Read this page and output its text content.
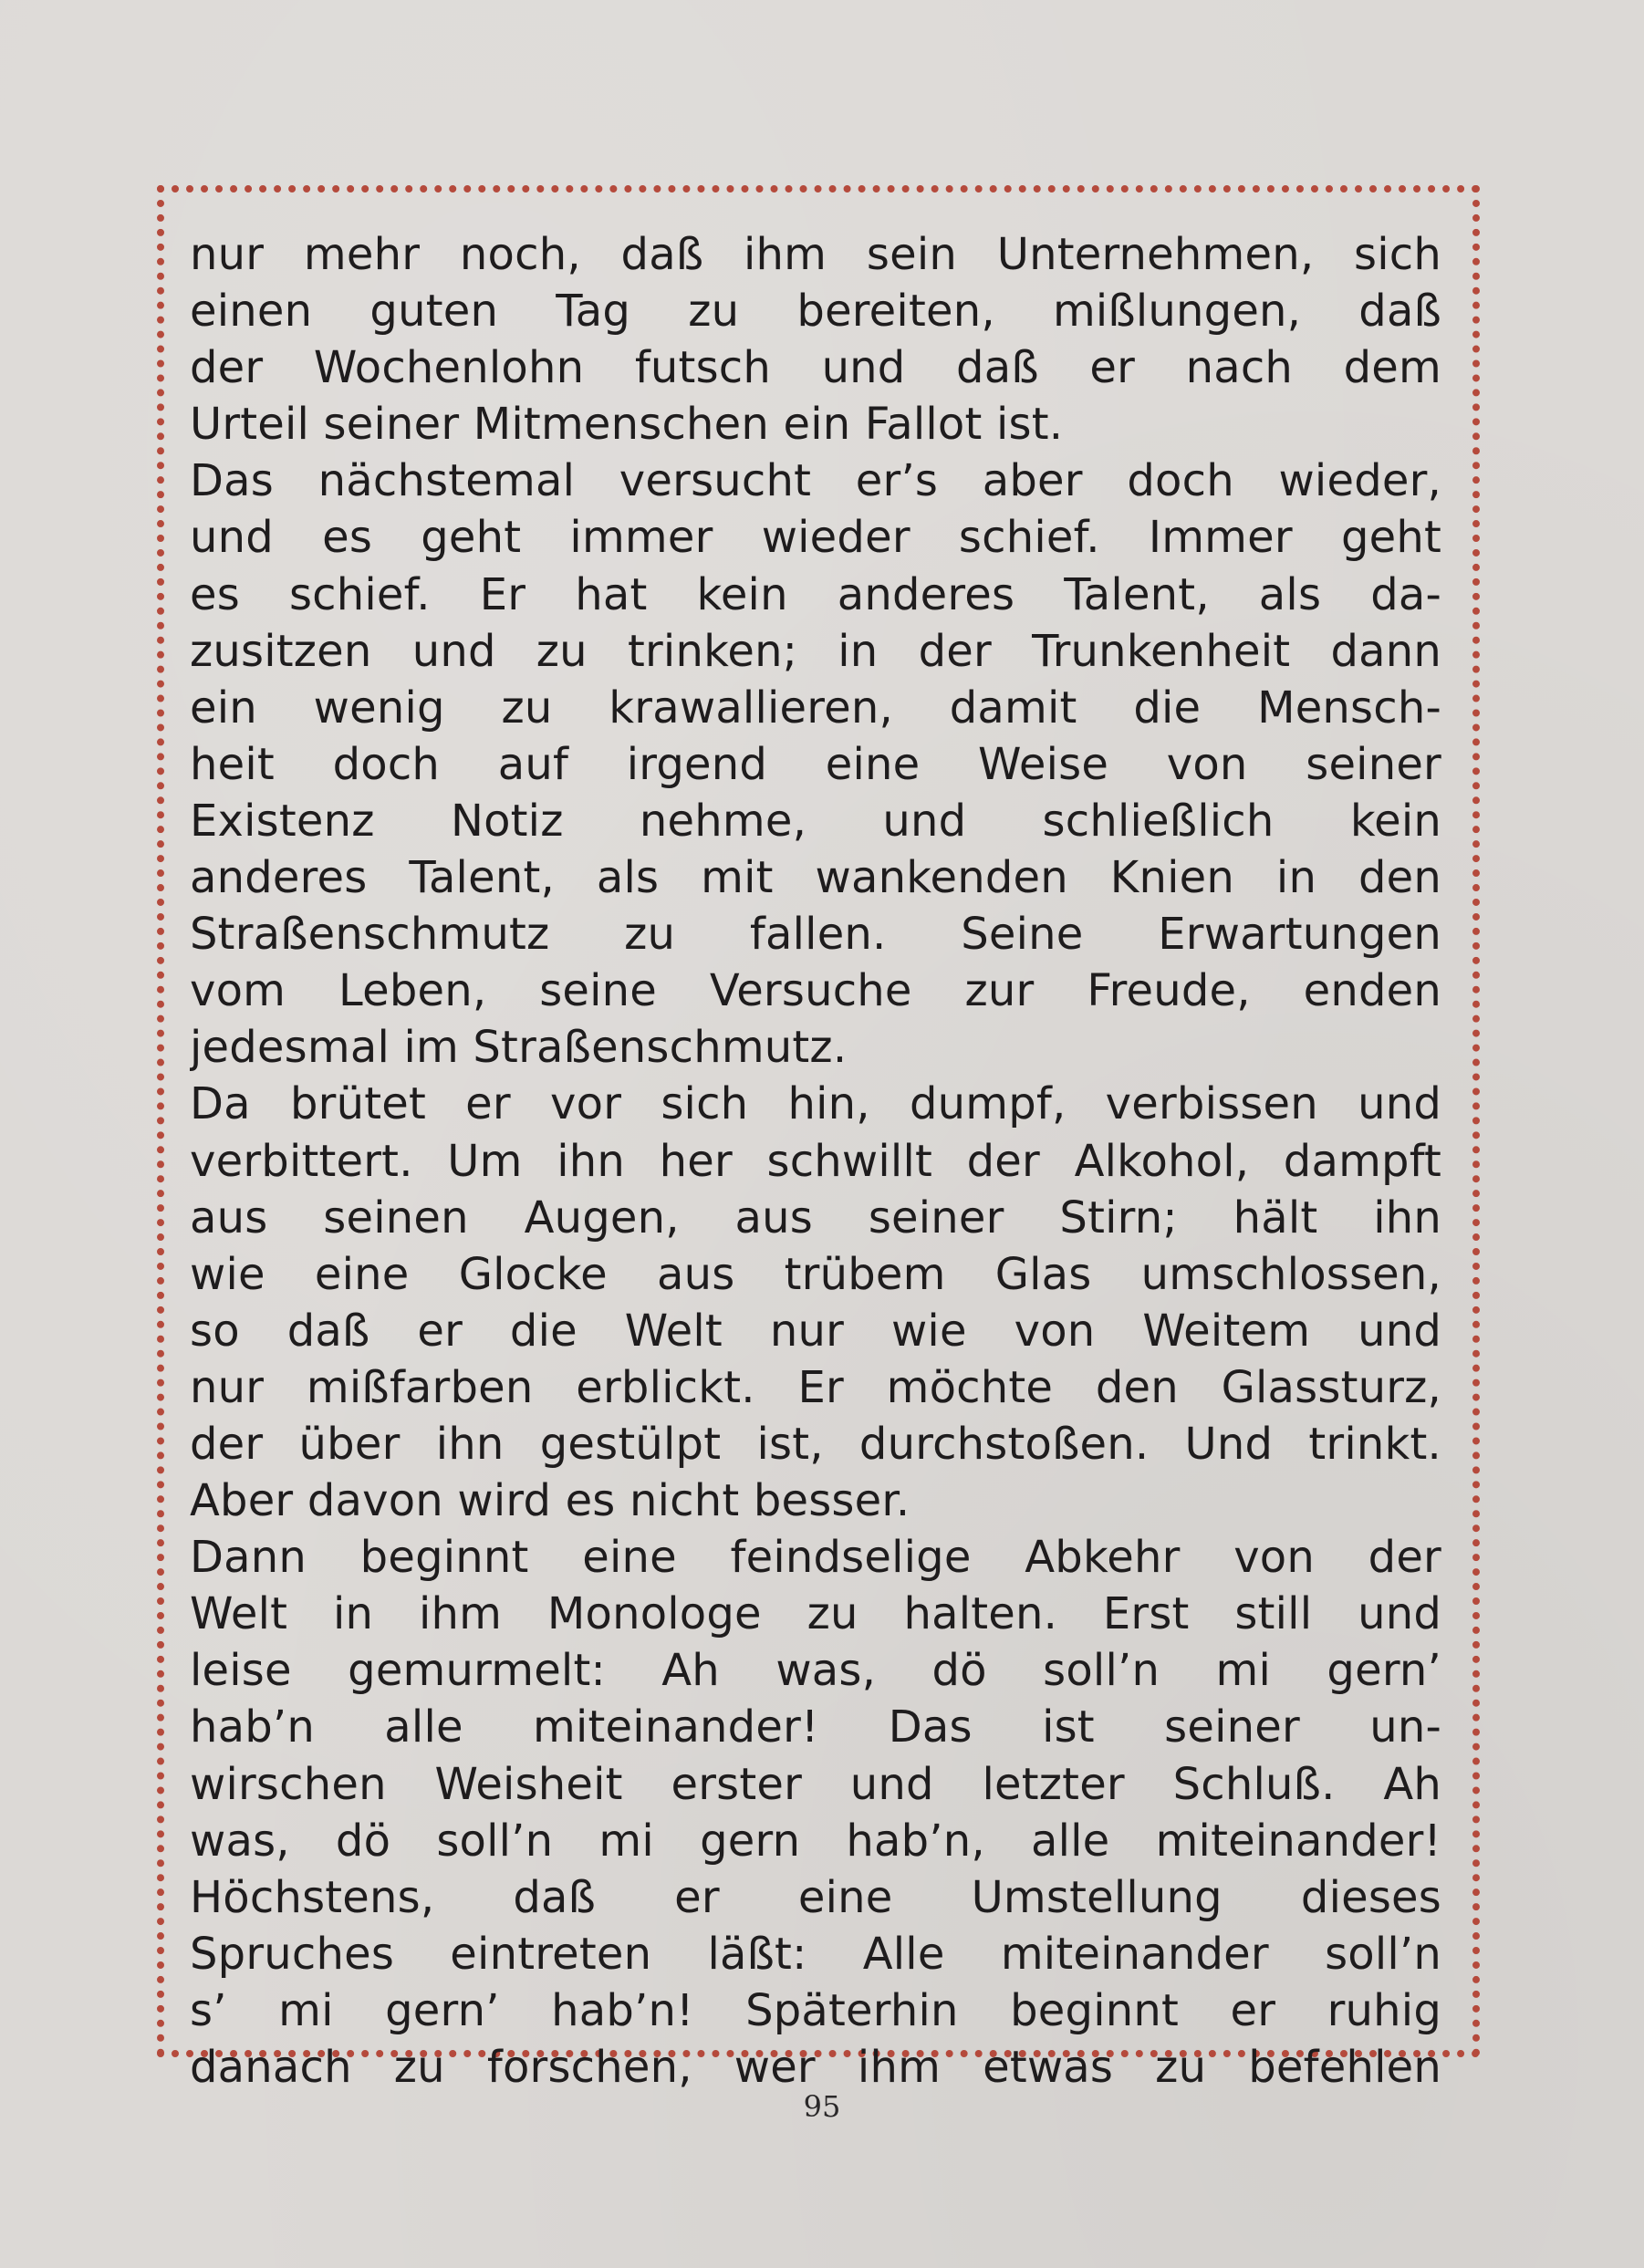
nur mehr noch, daß ihm sein Unternehmen, sich
einen guten Tag zu bereiten, mißlungen, daß
der Wochenlohn futsch und daß er nach dem
Urteil seiner Mitmenschen ein Fallot ist.
Das nächstemal versucht er’s aber doch wieder,
und es geht immer wieder schief. Immer geht
es schief. Er hat kein anderes Talent, als da-
zusitzen und zu trinken; in der Trunkenheit dann
ein wenig zu krawallieren, damit die Mensch-
heit doch auf irgend eine Weise von seiner
Existenz Notiz nehme, und schließlich kein
anderes Talent, als mit wankenden Knien in den
Straßenschmutz zu fallen. Seine Erwartungen
vom Leben, seine Versuche zur Freude, enden
jedesmal im Straßenschmutz.
Da brütet er vor sich hin, dumpf, verbissen und
verbittert. Um ihn her schwillt der Alkohol, dampft
aus seinen Augen, aus seiner Stirn; hält ihn
wie eine Glocke aus trübem Glas umschlossen,
so daß er die Welt nur wie von Weitem und
nur mißfarben erblickt. Er möchte den Glassturz,
der über ihn gestülpt ist, durchstoßen. Und trinkt.
Aber davon wird es nicht besser.
Dann beginnt eine feindselige Abkehr von der
Welt in ihm Monologe zu halten. Erst still und
leise gemurmelt: Ah was, dö soll’n mi gern’
hab’n alle miteinander! Das ist seiner un-
wirschen Weisheit erster und letzter Schluß. Ah
was, dö soll’n mi gern hab’n, alle miteinander!
Höchstens, daß er eine Umstellung dieses
Spruches eintreten läßt: Alle miteinander soll’n
s’ mi gern’ hab’n! Späterhin beginnt er ruhig
danach zu forschen, wer ihm etwas zu befehlen
95
